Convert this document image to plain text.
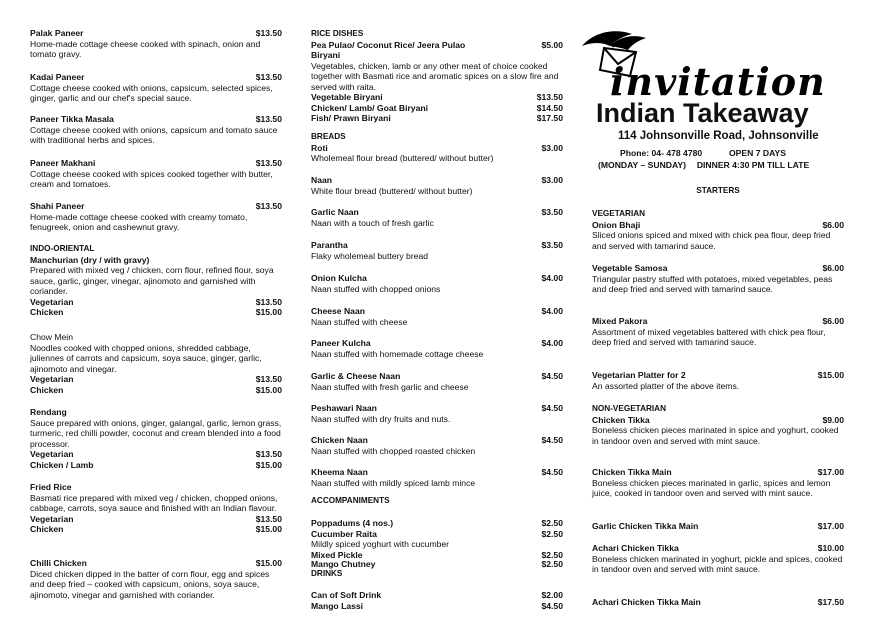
Palak Paneer	$13.50
Home-made cottage cheese cooked with spinach, onion and tomato gravy.
Kadai Paneer	$13.50
Cottage cheese cooked with onions, capsicum, selected spices, ginger, garlic and our chef's special sauce.
Paneer Tikka Masala	$13.50
Cottage cheese cooked with onions, capsicum and tomato sauce with traditional herbs and spices.
Paneer Makhani	$13.50
Cottage cheese cooked with spices cooked together with butter, cream and tomatoes.
Shahi Paneer	$13.50
Home-made cottage cheese cooked with creamy tomato, fenugreek, onion and cashewnut gravy.
INDO-ORIENTAL
Manchurian (dry / with gravy)
Prepared with mixed veg / chicken, corn flour, refined flour, soya sauce, garlic, ginger, vinegar, ajinomoto and garnished with coriander.
Vegetarian	$13.50
Chicken	$15.00
Chow Mein
Noodles cooked with chopped onions, shredded cabbage, juliennes of carrots and capsicum, soya sauce, ginger, garlic, ajinomoto and vinegar.
Vegetarian	$13.50
Chicken	$15.00
Rendang
Sauce prepared with onions, ginger, galangal, garlic, lemon grass, turmeric, red chilli powder, coconut and cream blended into a food processor.
Vegetarian	$13.50
Chicken / Lamb	$15.00
Fried Rice
Basmati rice prepared with mixed veg / chicken, chopped onions, cabbage, carrots, soya sauce and finished with an Indian flavour.
Vegetarian	$13.50
Chicken	$15.00
Chilli Chicken	$15.00
Diced chicken dipped in the batter of corn flour, egg and spices and deep fried – cooked with capsicum, onions, soya sauce, ajinomoto, vinegar and garnished with coriander.
RICE DISHES
Pea Pulao/ Coconut Rice/ Jeera Pulao	$5.00
Biryani
Vegetables, chicken, lamb or any other meat of choice cooked together with Basmati rice and aromatic spices on a slow fire and served with raita.
Vegetable Biryani	$13.50
Chicken/ Lamb/ Goat Biryani	$14.50
Fish/ Prawn Biryani	$17.50
BREADS
Roti	$3.00
Wholemeal flour bread (buttered/ without butter)
Naan	$3.00
White flour bread (buttered/ without butter)
Garlic Naan	$3.50
Naan with a touch of fresh garlic
Parantha	$3.50
Flaky wholemeal buttery bread
Onion Kulcha	$4.00
Naan stuffed with chopped onions
Cheese Naan	$4.00
Naan stuffed with cheese
Paneer Kulcha	$4.00
Naan stuffed with homemade cottage cheese
Garlic & Cheese Naan	$4.50
Naan stuffed with fresh garlic and cheese
Peshawari Naan	$4.50
Naan stuffed with dry fruits and nuts.
Chicken Naan	$4.50
Naan stuffed with chopped roasted chicken
Kheema Naan	$4.50
Naan stuffed with mildly spiced lamb mince
ACCOMPANIMENTS
Poppadums (4 nos.)	$2.50
Cucumber Raita	$2.50
Mildly spiced yoghurt with cucumber
Mixed Pickle	$2.50
Mango Chutney	$2.50
DRINKS
Can of Soft Drink	$2.00
Mango Lassi	$4.50
invitation
Indian Takeaway
114 Johnsonville Road, Johnsonville
Phone: 04- 478 4780	OPEN 7 DAYS
(MONDAY – SUNDAY) DINNER 4:30 PM TILL LATE
STARTERS
VEGETARIAN
Onion Bhaji	$6.00
Sliced onions spiced and mixed with chick pea flour, deep fried and served with tamarind sauce.
Vegetable Samosa	$6.00
Triangular pastry stuffed with potatoes, mixed vegetables, peas and deep fried and served with tamarind sauce.
Mixed Pakora	$6.00
Assortment of mixed vegetables battered with chick pea flour, deep fried and served with tamarind sauce.
Vegetarian Platter for 2	$15.00
An assorted platter of the above items.
NON-VEGETARIAN
Chicken Tikka	$9.00
Boneless chicken pieces marinated in spice and yoghurt, cooked in tandoor oven and served with mint sauce.
Chicken Tikka Main	$17.00
Boneless chicken pieces marinated in garlic, spices and lemon juice, cooked in tandoor oven and served with mint sauce.
Garlic Chicken Tikka Main	$17.00
Achari Chicken Tikka	$10.00
Boneless chicken marinated in yoghurt, pickle and spices, cooked in tandoor oven and served with mint sauce.
Achari Chicken Tikka Main	$17.50
